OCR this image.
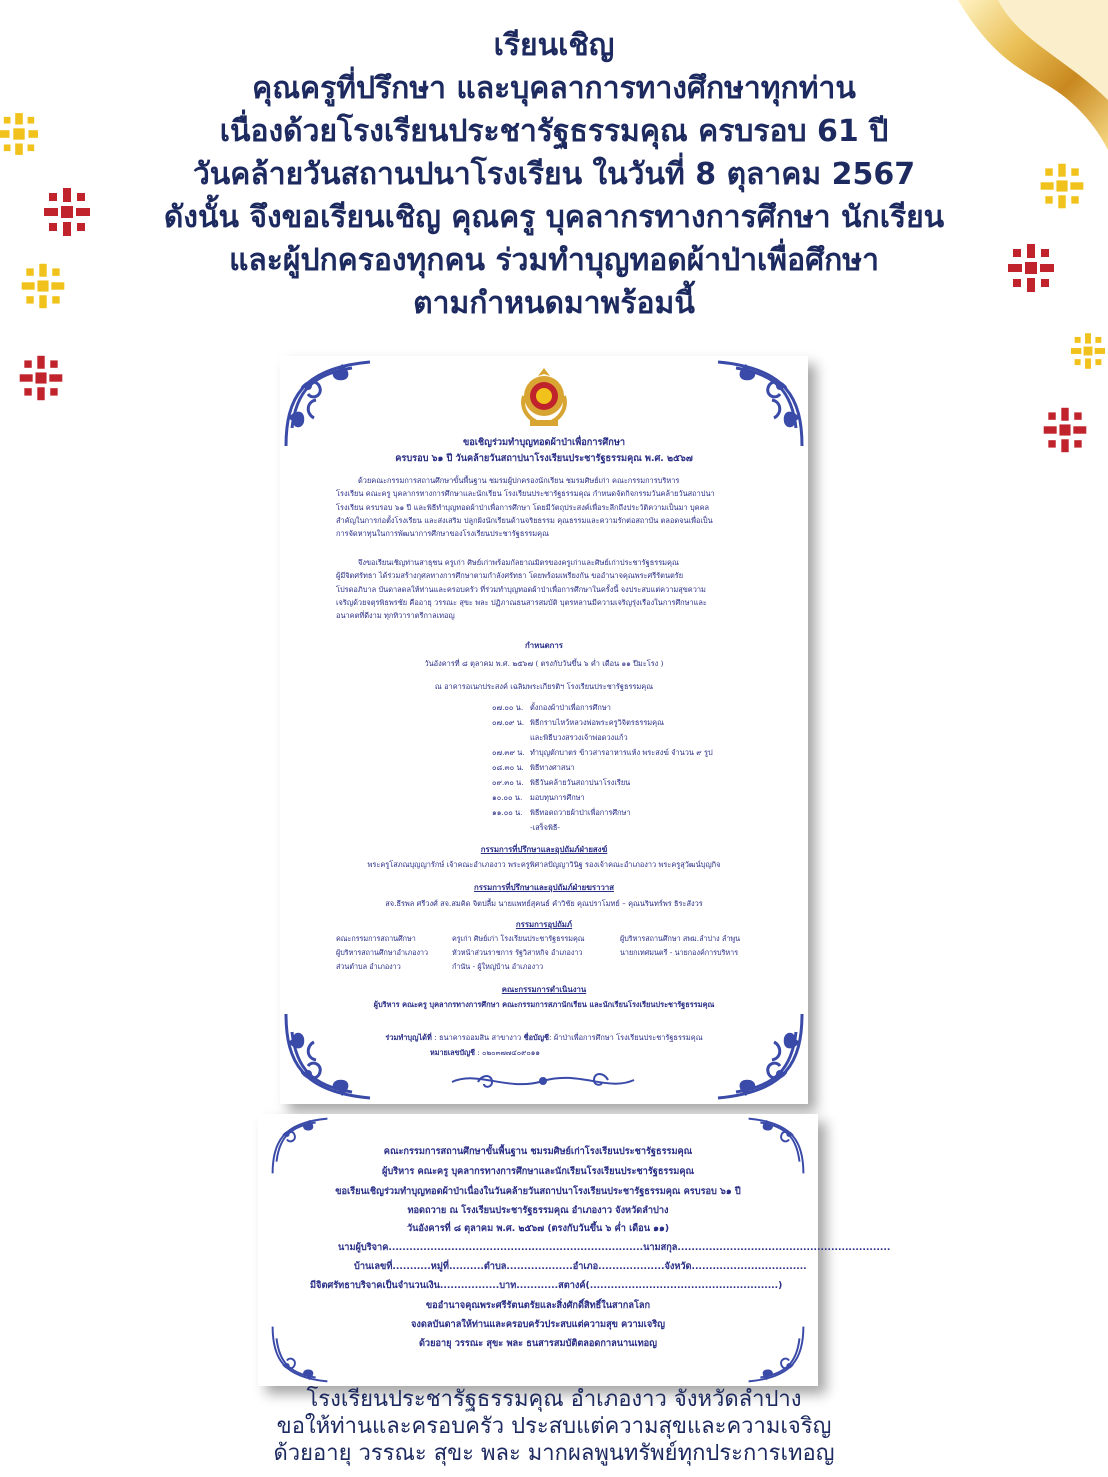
เรียนเชิญ
คุณครูที่ปรึกษา และบุคลาการทางศึกษาทุกท่าน
เนื่องด้วยโรงเรียนประชารัฐธรรมคุณ ครบรอบ 61 ปี
วันคล้ายวันสถานปนาโรงเรียน ในวันที่ 8 ตุลาคม 2567
ดังนั้น จึงขอเรียนเชิญ คุณครู บุคลากรทางการศึกษา นักเรียน
และผู้ปกครองทุกคน ร่วมทำบุญทอดผ้าป่าเพื่อศึกษา
ตามกำหนดมาพร้อมนี้
ขอเชิญร่วมทำบุญทอดผ้าป่าเพื่อการศึกษา
ครบรอบ ๖๑ ปี วันคล้ายวันสถาปนาโรงเรียนประชารัฐธรรมคุณ พ.ศ. ๒๕๖๗
ด้วยคณะกรรมการสถานศึกษาขั้นพื้นฐาน ชมรมผู้ปกครองนักเรียน ชมรมศิษย์เก่า คณะกรรมการบริหาร
โรงเรียน คณะครู บุคลากรทางการศึกษาและนักเรียน โรงเรียนประชารัฐธรรมคุณ กำหนดจัดกิจกรรมวันคล้ายวันสถาปนา
โรงเรียน ครบรอบ ๖๑ ปี และพิธีทำบุญทอดผ้าป่าเพื่อการศึกษา โดยมีวัตถุประสงค์เพื่อระลึกถึงประวัติความเป็นมา บุคคล
สำคัญในการก่อตั้งโรงเรียน และส่งเสริม ปลูกฝังนักเรียนด้านจริยธรรม คุณธรรมและความรักต่อสถาบัน ตลอดจนเพื่อเป็น
การจัดหาทุนในการพัฒนาการศึกษาของโรงเรียนประชารัฐธรรมคุณ
จึงขอเรียนเชิญท่านสาธุชน ครูเก่า ศิษย์เก่าพร้อมกัลยาณมิตรของครูเก่าและศิษย์เก่าประชารัฐธรรมคุณ
ผู้มีจิตศรัทธา ได้ร่วมสร้างกุศลทางการศึกษาตามกำลังศรัทธา โดยพร้อมเพรียงกัน ขออำนาจคุณพระศรีรัตนตรัย
โปรดอภิบาล บันดาลดลให้ท่านและครอบครัว ที่ร่วมทำบุญทอดผ้าป่าเพื่อการศึกษาในครั้งนี้ จงประสบแต่ความสุขความ
เจริญด้วยจตุรพิธพรชัย คืออายุ วรรณะ สุขะ พละ ปฏิภาณธนสารสมบัติ บุตรหลานมีความเจริญรุ่งเรืองในการศึกษาและ
อนาคตที่ดีงาม ทุกทิวาราตรีกาลเทอญ
กำหนดการ
วันอังคารที่ ๘ ตุลาคม พ.ศ. ๒๕๖๗ ( ตรงกับวันขึ้น ๖ ค่ำ เดือน ๑๑ ปีมะโรง )
ณ อาคารอเนกประสงค์ เฉลิมพระเกียรติฯ โรงเรียนประชารัฐธรรมคุณ
๐๗.๐๐ น. ตั้งกองผ้าป่าเพื่อการศึกษา
๐๗.๐๙ น. พิธีกราบไหว้หลวงพ่อพระครูวิจิตรธรรมคุณ
และพิธีบวงสรวงเจ้าพ่อดวงแก้ว
๐๗.๓๙ น. ทำบุญตักบาตร ข้าวสารอาหารแห้ง พระสงฆ์ จำนวน ๙ รูป
๐๘.๓๐ น. พิธีทางศาสนา
๐๙.๓๐ น. พิธีวันคล้ายวันสถาปนาโรงเรียน
๑๐.๐๐ น. มอบทุนการศึกษา
๑๑.๐๐ น. พิธีทอดถวายผ้าป่าเพื่อการศึกษา
-เสร็จพิธี-
กรรมการที่ปรึกษาและอุปถัมภ์ฝ่ายสงฆ์
พระครูโสภณบุญญารักษ์ เจ้าคณะอำเภองาว พระครูพิศาลปัญญาวินิฐ รองเจ้าคณะอำเภองาว พระครูสุวัฒน์บุญกิจ
กรรมการที่ปรึกษาและอุปถัมภ์ฝ่ายฆราวาส
สจ.ธีรพล ศรีวงศ์ สจ.สมคิด จิตปลื้ม นายแพทย์สุคนธ์ คำวิชัย คุณปราโมทย์ – คุณนรินทร์พร ธิระสังวร
กรรมการอุปถัมภ์
คณะกรรมการสถานศึกษา	ครูเก่า ศิษย์เก่า โรงเรียนประชารัฐธรรมคุณ	ผู้บริหารสถานศึกษา สพม.ลำปาง ลำพูน
ผู้บริหารสถานศึกษาอำเภองาว	หัวหน้าส่วนราชการ รัฐวิสาหกิจ อำเภองาว	นายกเทศมนตรี - นายกองค์การบริหาร
ส่วนตำบล อำเภองาว	กำนัน - ผู้ใหญ่บ้าน อำเภองาว
คณะกรรมการดำเนินงาน
ผู้บริหาร คณะครู บุคลากรทางการศึกษา คณะกรรมการสภานักเรียน และนักเรียนโรงเรียนประชารัฐธรรมคุณ
ร่วมทำบุญได้ที่ : ธนาคารออมสิน สาขางาว ชื่อบัญชี: ผ้าป่าเพื่อการศึกษา โรงเรียนประชารัฐธรรมคุณ
หมายเลขบัญชี : ๐๒๐๓๗๗๔๐๙๐๑๑
คณะกรรมการสถานศึกษาขั้นพื้นฐาน ชมรมศิษย์เก่าโรงเรียนประชารัฐธรรมคุณ
ผู้บริหาร คณะครู บุคลากรทางการศึกษาและนักเรียนโรงเรียนประชารัฐธรรมคุณ
ขอเรียนเชิญร่วมทำบุญทอดผ้าป่าเนื่องในวันคล้ายวันสถาปนาโรงเรียนประชารัฐธรรมคุณ ครบรอบ ๖๑ ปี
ทอดถวาย ณ โรงเรียนประชารัฐธรรมคุณ อำเภองาว จังหวัดลำปาง
วันอังคารที่ ๘ ตุลาคม พ.ศ. ๒๕๖๗ (ตรงกับวันขึ้น ๖ ค่ำ เดือน ๑๑)
นามผู้บริจาค.........................................................................นามสกุล.............................................................
บ้านเลขที่...........หมู่ที่..........ตำบล...................อำเภอ...................จังหวัด.................................
มีจิตศรัทธาบริจาคเป็นจำนวนเงิน.................บาท............สตางค์(......................................................)
ขออำนาจคุณพระศรีรัตนตรัยและสิ่งศักดิ์สิทธิ์ในสากลโลก
จงดลบันดาลให้ท่านและครอบครัวประสบแต่ความสุข ความเจริญ
ด้วยอายุ วรรณะ สุขะ พละ ธนสารสมบัติตลอดกาลนานเทอญ
โรงเรียนประชารัฐธรรมคุณ อำเภองาว จังหวัดลำปาง
ขอให้ท่านและครอบครัว ประสบแต่ความสุขและความเจริญ
ด้วยอายุ วรรณะ สุขะ พละ มากผลพูนทรัพย์ทุกประการเทอญ
